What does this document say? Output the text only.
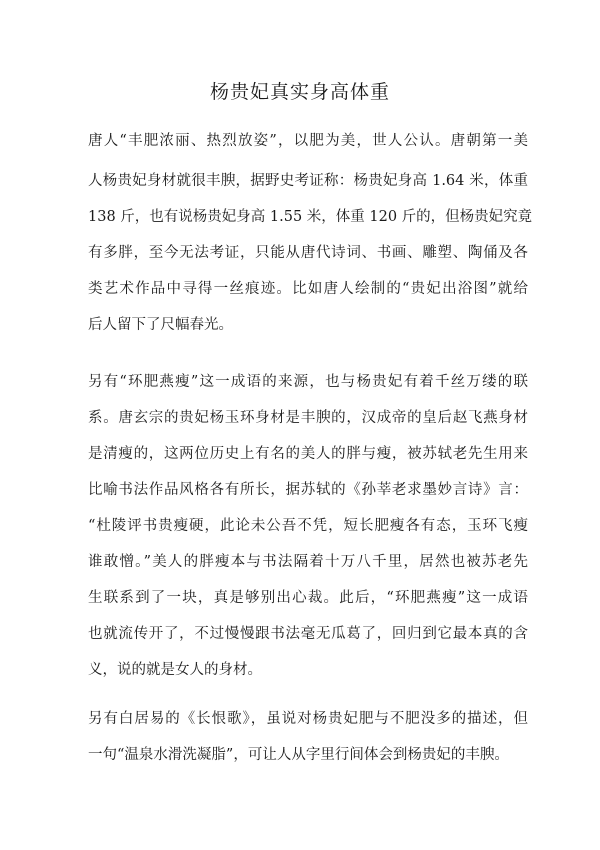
杨贵妃真实身高体重

唐人“丰肥浓丽、热烈放姿”，以肥为美，世人公认。唐朝第一美

人杨贵妃身材就很丰腴，据野史考证称：杨贵妃身高 1.64 米，体重

138 斤，也有说杨贵妃身高 1.55 米，体重 120 斤的，但杨贵妃究竟

有多胖，至今无法考证，只能从唐代诗词、书画、雕塑、陶俑及各

类艺术作品中寻得一丝痕迹。比如唐人绘制的“贵妃出浴图”就给

后人留下了尺幅春光。

另有“环肥燕瘦”这一成语的来源，也与杨贵妃有着千丝万缕的联

系。唐玄宗的贵妃杨玉环身材是丰腴的，汉成帝的皇后赵飞燕身材

是清瘦的，这两位历史上有名的美人的胖与瘦，被苏轼老先生用来

比喻书法作品风格各有所长，据苏轼的《孙莘老求墨妙言诗》言：

“杜陵评书贵瘦硬，此论未公吾不凭，短长肥瘦各有态，玉环飞瘦

谁敢憎。”美人的胖瘦本与书法隔着十万八千里，居然也被苏老先

生联系到了一块，真是够别出心裁。此后，“环肥燕瘦”这一成语

也就流传开了，不过慢慢跟书法毫无瓜葛了，回归到它最本真的含

义，说的就是女人的身材。

另有白居易的《长恨歌》，虽说对杨贵妃肥与不肥没多的描述，但

一句“温泉水滑洗凝脂”，可让人从字里行间体会到杨贵妃的丰腴。
